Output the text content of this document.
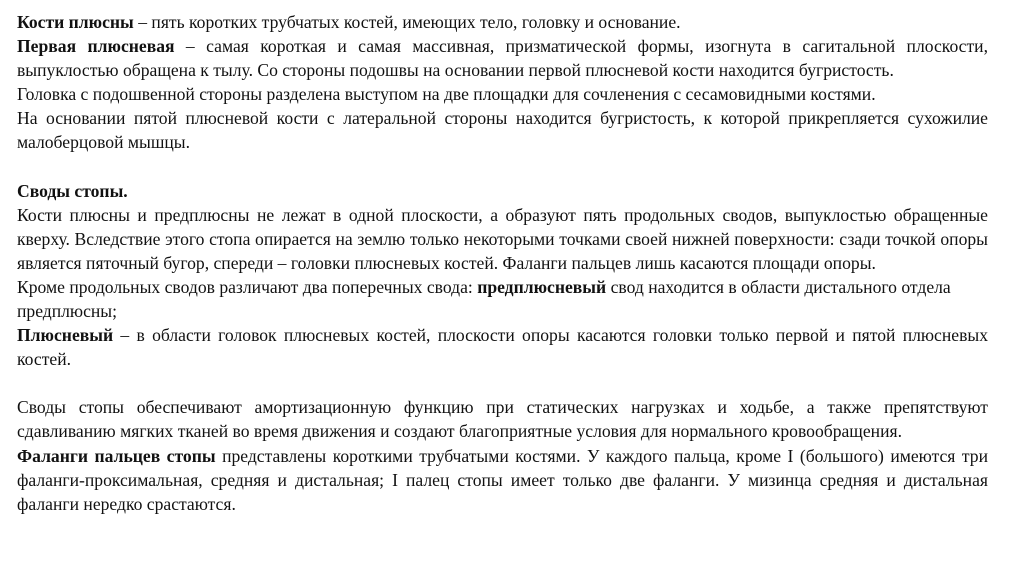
Кости плюсны – пять коротких трубчатых костей, имеющих тело, головку и основание.

Первая плюсневая – самая короткая и самая массивная, призматической формы, изогнута в сагитальной плоскости, выпуклостью обращена к тылу. Со стороны подошвы на основании первой плюсневой кости находится бугристость.

Головка с подошвенной стороны разделена выступом на две площадки для сочленения с сесамовидными костями.

На основании пятой плюсневой кости с латеральной стороны находится бугристость, к которой прикрепляется сухожилие малоберцовой мышцы.

Своды стопы.

Кости плюсны и предплюсны не лежат в одной плоскости, а образуют пять продольных сводов, выпуклостью обращенные кверху. Вследствие этого стопа опирается на землю только некоторыми точками своей нижней поверхности: сзади точкой опоры является пяточный бугор, спереди – головки плюсневых костей. Фаланги пальцев лишь касаются площади опоры.

Кроме продольных сводов различают два поперечных свода: предплюсневый свод находится в области дистального отдела предплюсны;

Плюсневый – в области головок плюсневых костей, плоскости опоры касаются головки только первой и пятой плюсневых костей.

Своды стопы обеспечивают амортизационную функцию при статических нагрузках и ходьбе, а также препятствуют сдавливанию мягких тканей во время движения и создают благоприятные условия для нормального кровообращения.

Фаланги пальцев стопы представлены короткими трубчатыми костями. У каждого пальца, кроме I (большого) имеются три фаланги-проксимальная, средняя и дистальная; I палец стопы имеет только две фаланги. У мизинца средняя и дистальная фаланги нередко срастаются.
